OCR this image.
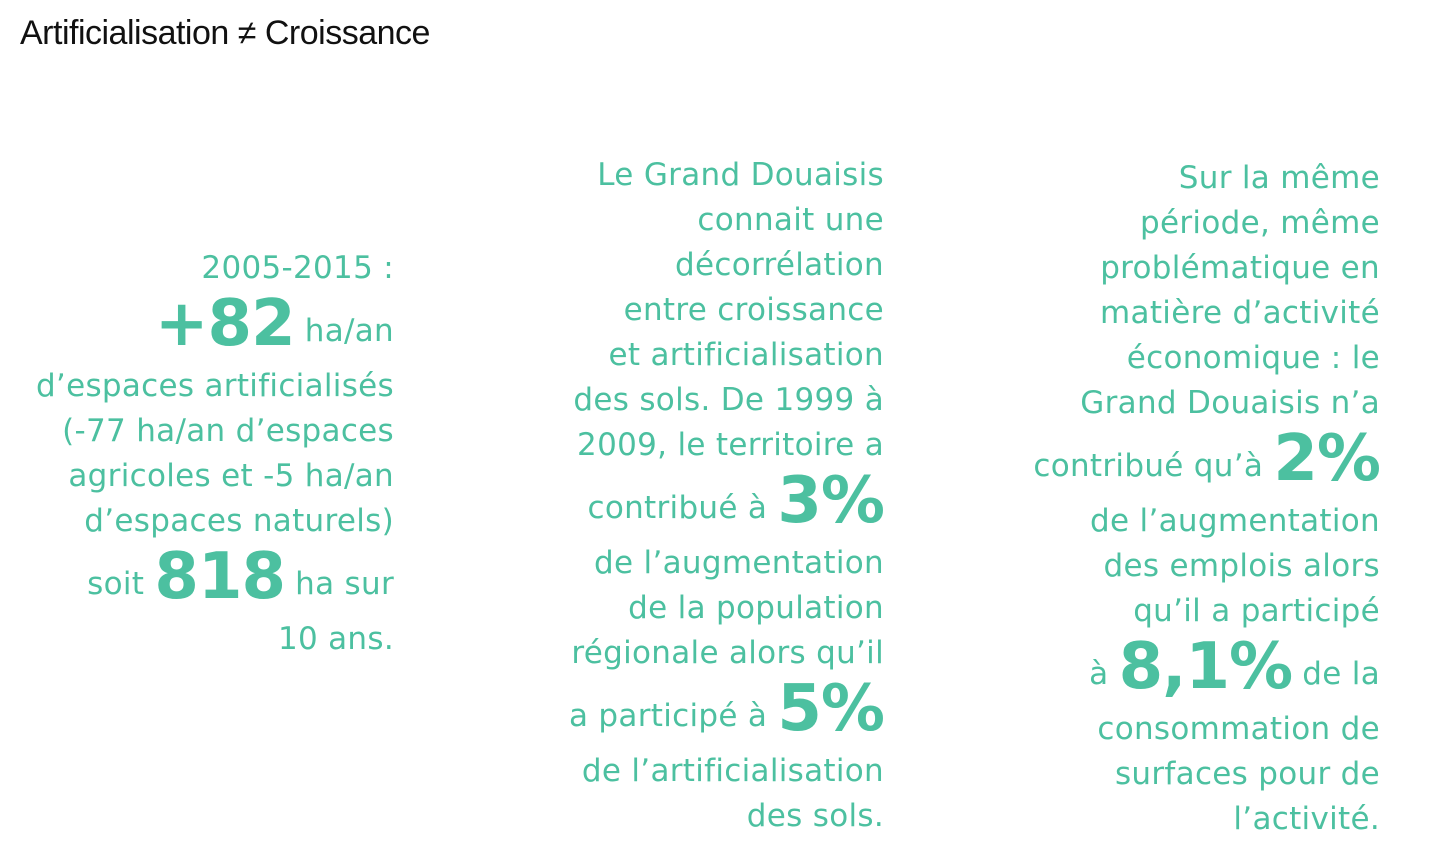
Artificialisation ≠ Croissance
2005-2015 :
+82 ha/an
d’espaces artificialisés
(-77 ha/an d’espaces
agricoles et -5 ha/an
d’espaces naturels)
soit 818 ha sur
10 ans.
Le Grand Douaisis
connait une
décorrélation
entre croissance
et artificialisation
des sols. De 1999 à
2009, le territoire a
contribué à 3%
de l’augmentation
de la population
régionale alors qu’il
a participé à 5%
de l’artificialisation
des sols.
Sur la même
période, même
problématique en
matière d’activité
économique : le
Grand Douaisis n’a
contribué qu’à 2%
de l’augmentation
des emplois alors
qu’il a participé
à 8,1% de la
consommation de
surfaces pour de
l’activité.
